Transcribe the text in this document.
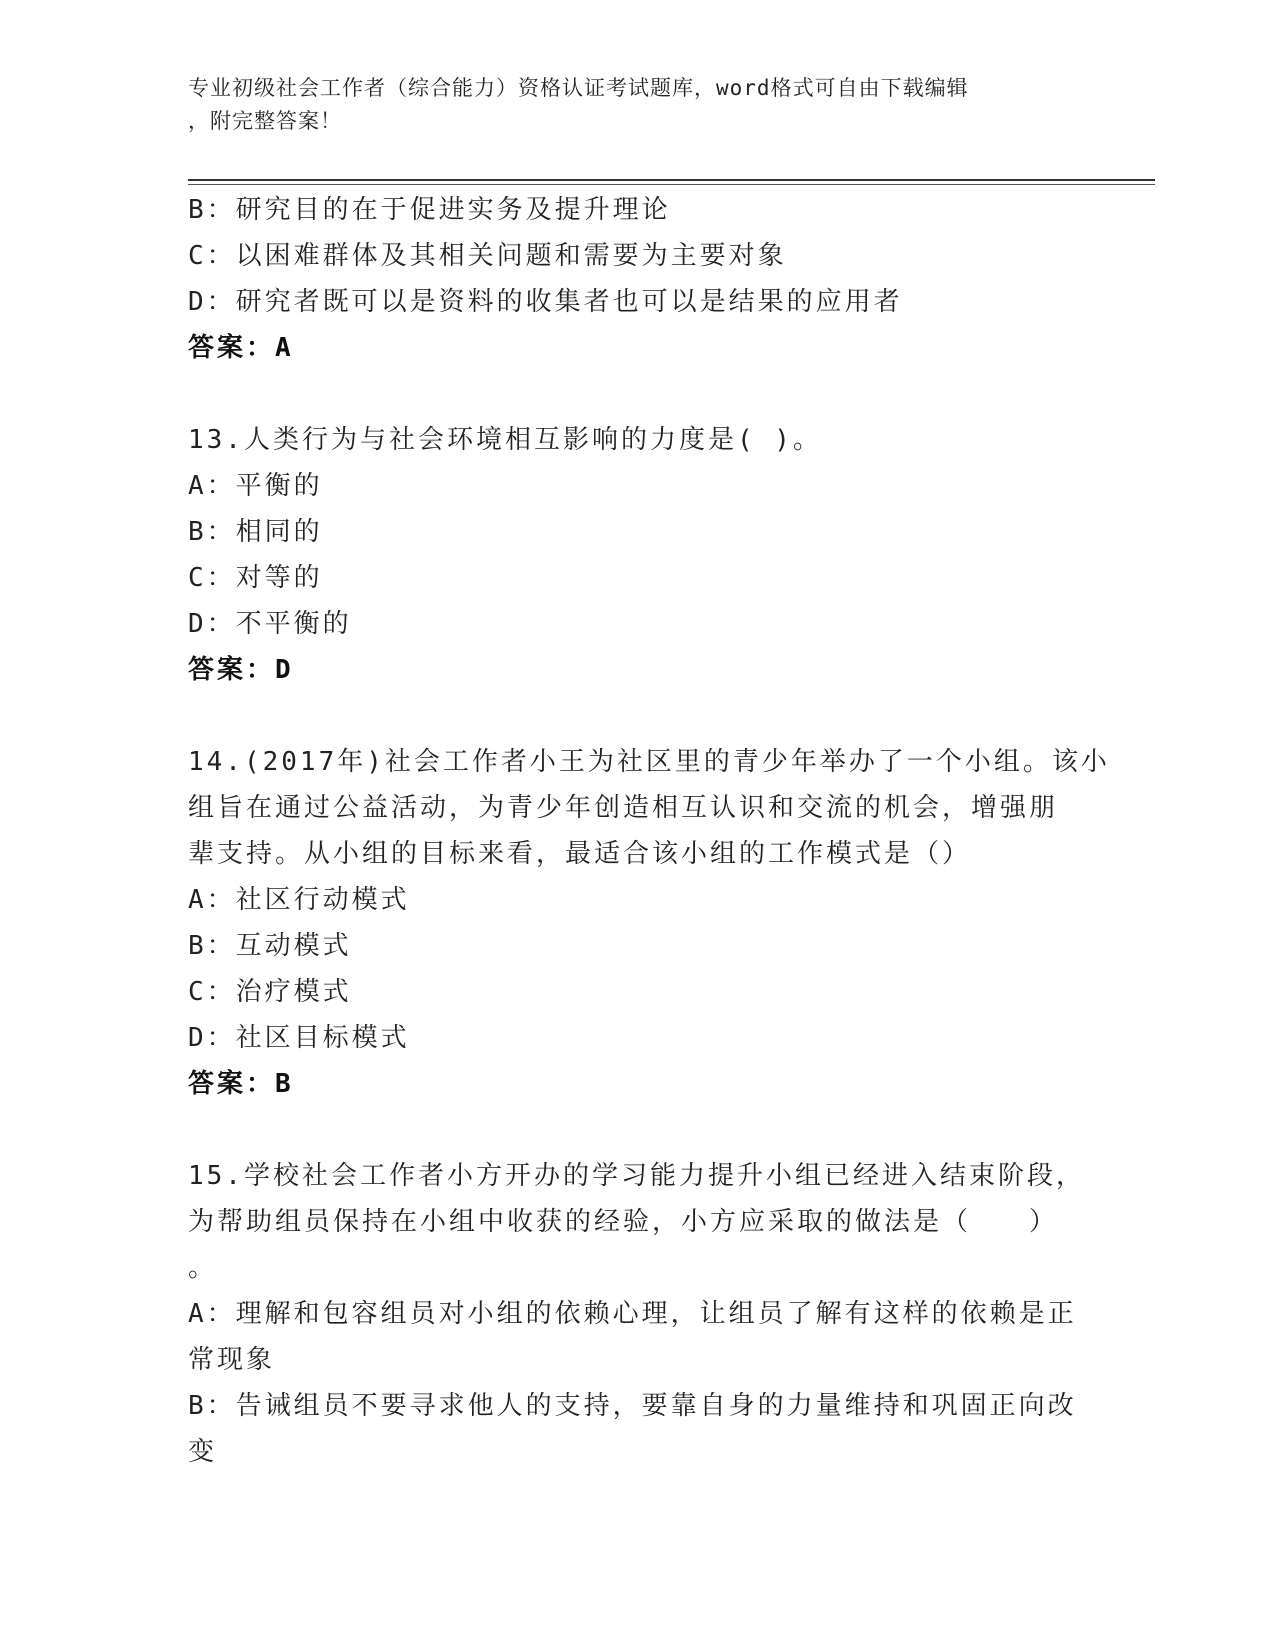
专业初级社会工作者（综合能力）资格认证考试题库，word格式可自由下载编辑
，附完整答案！
B：研究目的在于促进实务及提升理论
C：以困难群体及其相关问题和需要为主要对象
D：研究者既可以是资料的收集者也可以是结果的应用者
答案：A
13.人类行为与社会环境相互影响的力度是( )。
A：平衡的
B：相同的
C：对等的
D：不平衡的
答案：D
14.(2017年)社会工作者小王为社区里的青少年举办了一个小组。该小
组旨在通过公益活动，为青少年创造相互认识和交流的机会，增强朋
辈支持。从小组的目标来看，最适合该小组的工作模式是（）
A：社区行动模式
B：互动模式
C：治疗模式
D：社区目标模式
答案：B
15.学校社会工作者小方开办的学习能力提升小组已经进入结束阶段，
为帮助组员保持在小组中收获的经验，小方应采取的做法是（　　）
。
A：理解和包容组员对小组的依赖心理，让组员了解有这样的依赖是正
常现象
B：告诫组员不要寻求他人的支持，要靠自身的力量维持和巩固正向改
变
